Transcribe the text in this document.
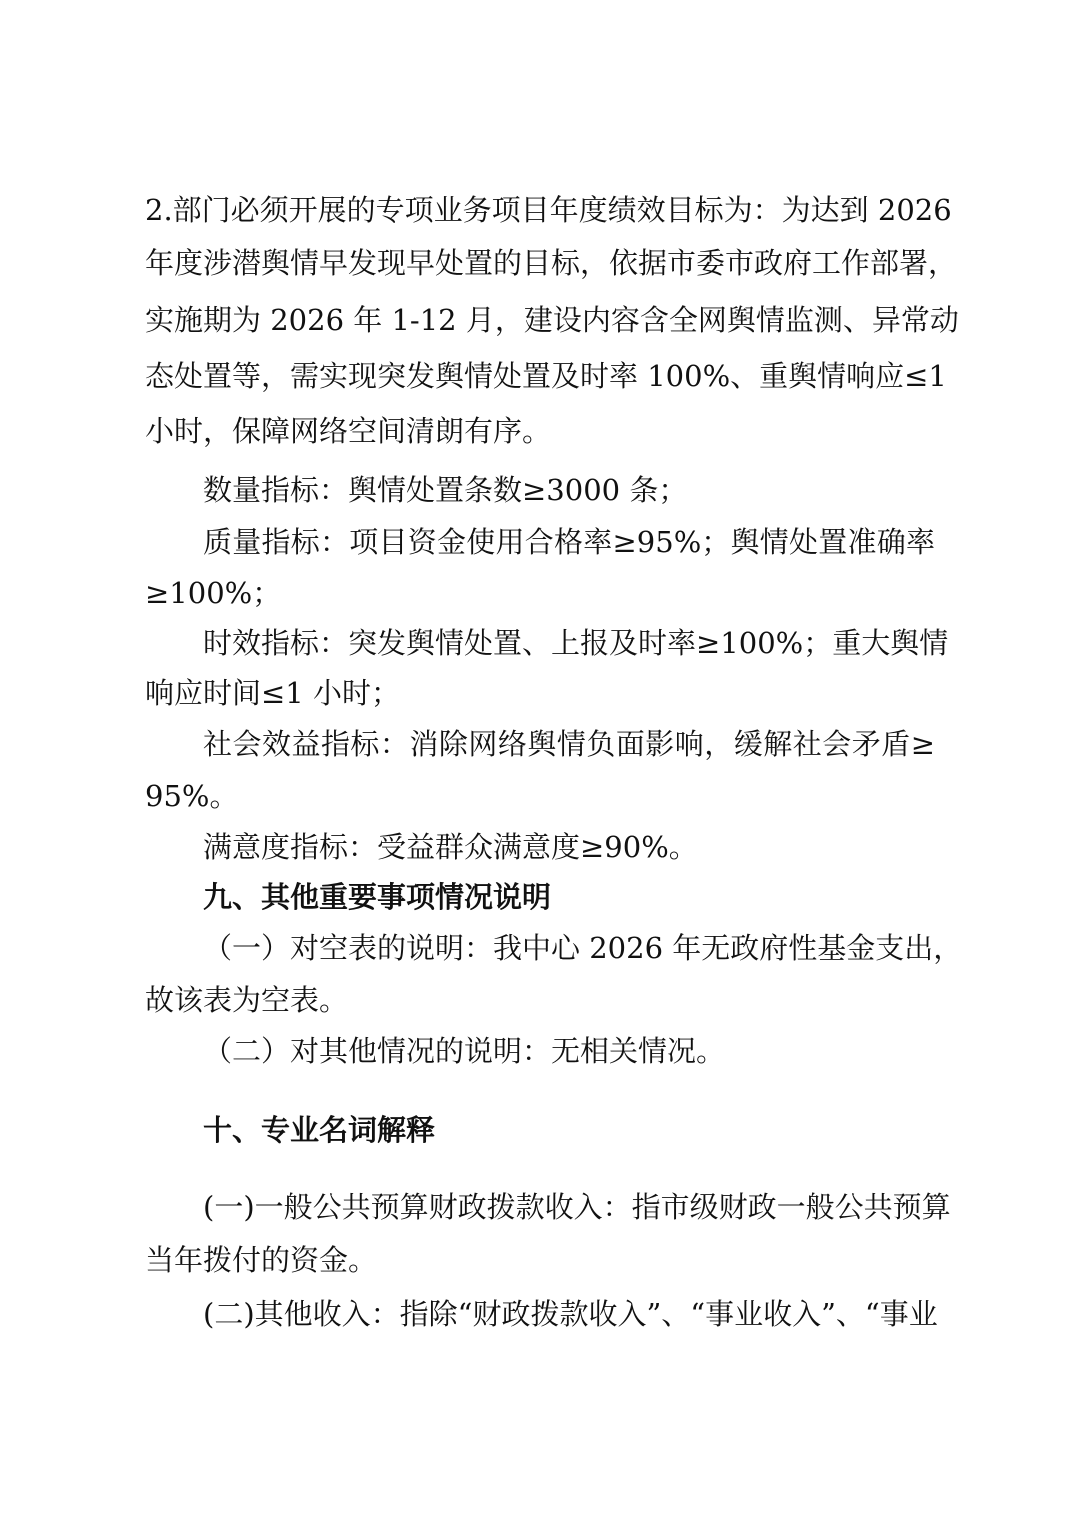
2.部门必须开展的专项业务项目年度绩效目标为：为达到 2026

年度涉潜舆情早发现早处置的目标，依据市委市政府工作部署，

实施期为 2026 年 1-12 月，建设内容含全网舆情监测、异常动

态处置等，需实现突发舆情处置及时率 100%、重舆情响应≤1

小时，保障网络空间清朗有序。

数量指标：舆情处置条数≥3000 条；

质量指标：项目资金使用合格率≥95%；舆情处置准确率

≥100%；

时效指标：突发舆情处置、上报及时率≥100%；重大舆情

响应时间≤1 小时；

社会效益指标：消除网络舆情负面影响，缓解社会矛盾≥

95%。

满意度指标：受益群众满意度≥90%。

九、其他重要事项情况说明

（一）对空表的说明：我中心 2026 年无政府性基金支出，

故该表为空表。

（二）对其他情况的说明：无相关情况。

十、专业名词解释

(一)一般公共预算财政拨款收入：指市级财政一般公共预算

当年拨付的资金。

(二)其他收入：指除“财政拨款收入”、“事业收入”、“事业
